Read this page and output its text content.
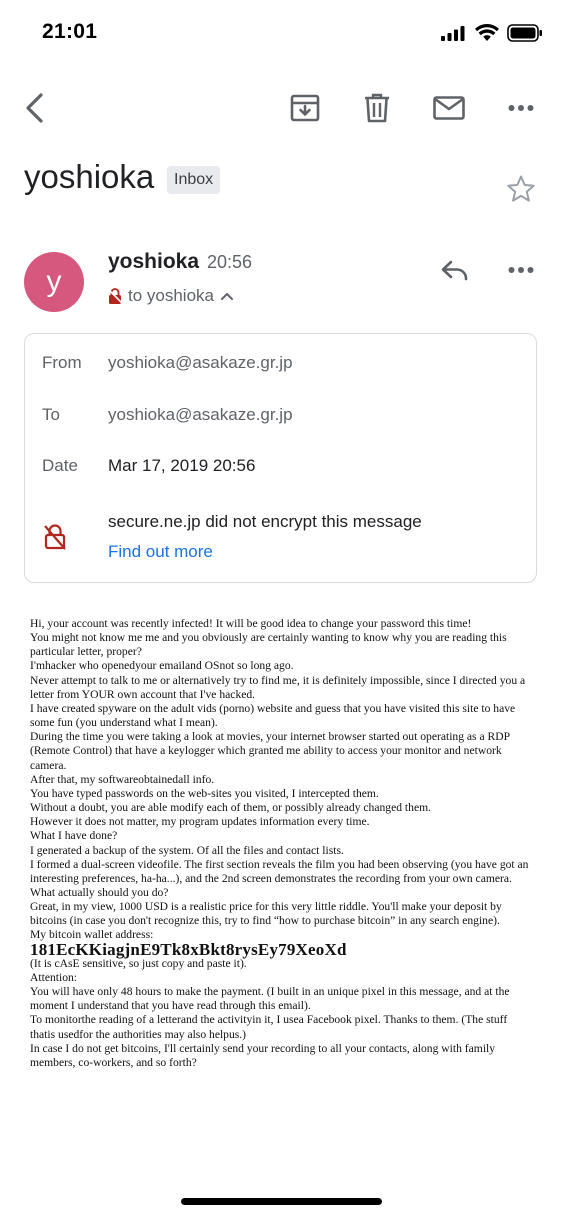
21:01
yoshioka	Inbox
y
yoshioka 20:56
to yoshioka
From yoshioka@asakaze.gr.jp
To	yoshioka@asakaze.gr.jp
Date Mar 17, 2019 20:56
secure.ne.jp did not encrypt this message
Find out more

Hi, your account was recently infected! It will be good idea to change your password this time!

You might not know me me and you obviously are certainly wanting to know why you are reading this particular letter, proper?

I'mhacker who openedyour emailand OSnot so long ago.

Never attempt to talk to me or alternatively try to find me, it is definitely impossible, since I directed you a letter from YOUR own account that I've hacked.

I have created spyware on the adult vids (porno) website and guess that you have visited this site to have some fun (you understand what I mean).

During the time you were taking a look at movies, your internet browser started out operating as a RDP (Remote Control) that have a keylogger which granted me ability to access your monitor and network camera.

After that, my softwareobtainedall info.

You have typed passwords on the web-sites you visited, I intercepted them.

Without a doubt, you are able modify each of them, or possibly already changed them.

However it does not matter, my program updates information every time.

What I have done?

I generated a backup of the system. Of all the files and contact lists.

I formed a dual-screen videofile. The first section reveals the film you had been observing (you have got an interesting preferences, ha-ha...), and the 2nd screen demonstrates the recording from your own camera.

What actually should you do?

Great, in my view, 1000 USD is a realistic price for this very little riddle. You'll make your deposit by bitcoins (in case you don't recognize this, try to find “how to purchase bitcoin” in any search engine).

My bitcoin wallet address:

181EcKKiagjnE9Tk8xBkt8rysEy79XeoXd

(It is cAsE sensitive, so just copy and paste it).

Attention:

You will have only 48 hours to make the payment. (I built in an unique pixel in this message, and at the moment I understand that you have read through this email).

To monitorthe reading of a letterand the activityin it, I usea Facebook pixel. Thanks to them. (The stuff thatis usedfor the authorities may also helpus.)

In case I do not get bitcoins, I'll certainly send your recording to all your contacts, along with family members, co-workers, and so forth?
